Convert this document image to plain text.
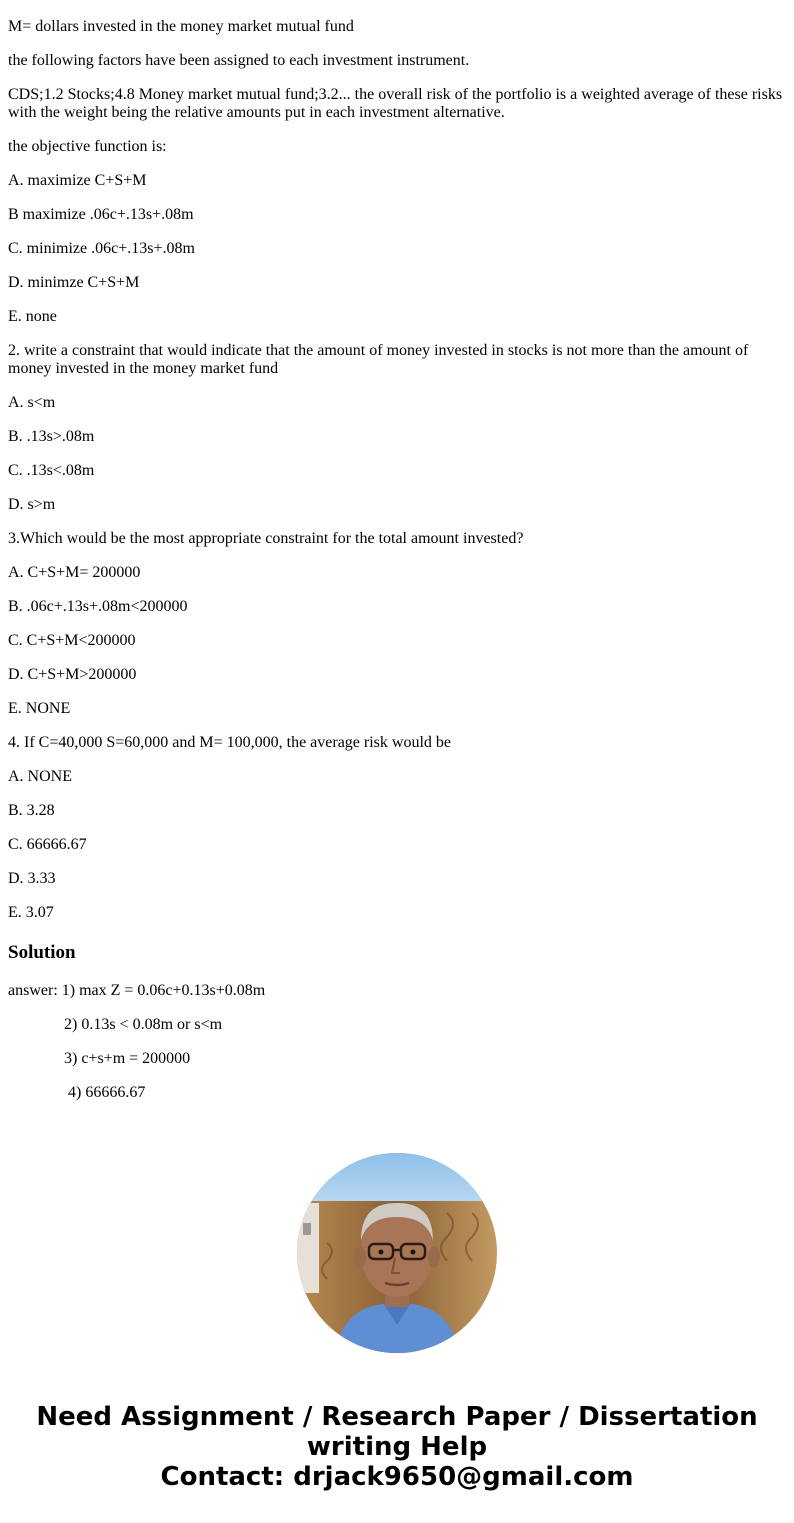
M= dollars invested in the money market mutual fund

the following factors have been assigned to each investment instrument.

CDS;1.2 Stocks;4.8 Money market mutual fund;3.2... the overall risk of the portfolio is a weighted average of these risks with the weight being the relative amounts put in each investment alternative.

the objective function is:

A. maximize C+S+M

B maximize .06c+.13s+.08m

C. minimize .06c+.13s+.08m

D. minimze C+S+M

E. none

2. write a constraint that would indicate that the amount of money invested in stocks is not more than the amount of money invested in the money market fund

A. s<m

B. .13s>.08m

C. .13s<.08m

D. s>m

3.Which would be the most appropriate constraint for the total amount invested?

A. C+S+M= 200000

B. .06c+.13s+.08m<200000

C. C+S+M<200000

D. C+S+M>200000

E. NONE

4. If C=40,000 S=60,000 and M= 100,000, the average risk would be

A. NONE

B. 3.28

C. 66666.67

D. 3.33

E. 3.07

Solution

answer: 1) max Z = 0.06c+0.13s+0.08m

2) 0.13s < 0.08m or s<m

3) c+s+m = 200000

4) 66666.67

Need Assignment / Research Paper / Dissertation writing Help
Contact: drjack9650@gmail.com
